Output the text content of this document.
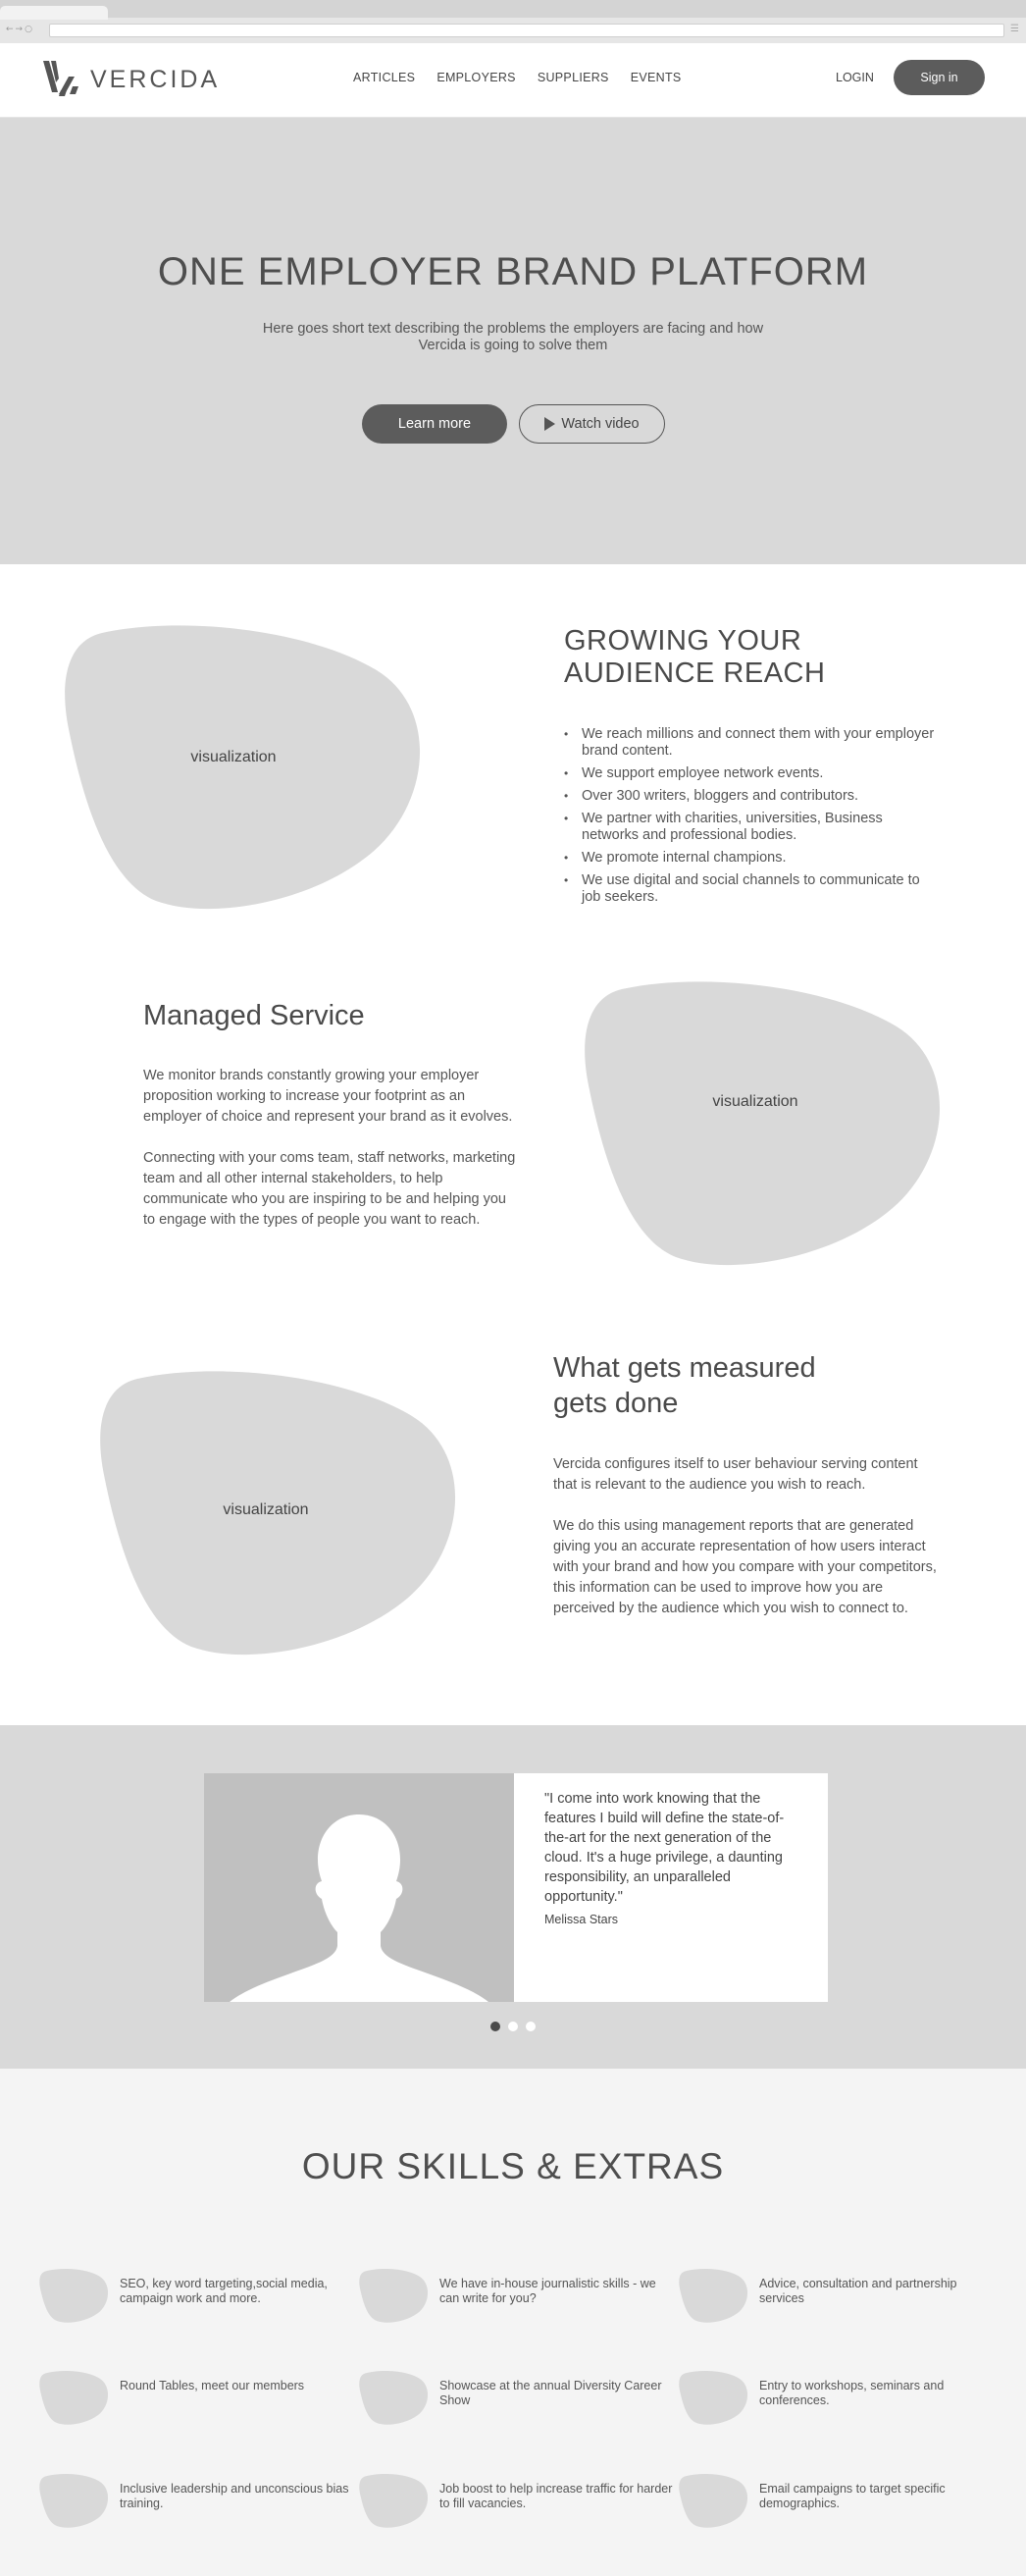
←→○	☰
VERCIDA	ARTICLES EMPLOYERS SUPPLIERS EVENTS	LOGIN	Sign in
ONE EMPLOYER BRAND PLATFORM

Here goes short text describing the problems the employers are facing and how Vercida is going to solve them

Learn more	Watch video
visualization
GROWING YOUR AUDIENCE REACH
• We reach millions and connect them with your employer brand content.
• We support employee network events.
• Over 300 writers, bloggers and contributors.
• We partner with charities, universities, Business networks and professional bodies.
• We promote internal champions.
• We use digital and social channels to communicate to job seekers.
Managed Service

We monitor brands constantly growing your employer proposition working to increase your footprint as an employer of choice and represent your brand as it evolves.

Connecting with your coms team, staff networks, marketing team and all other internal stakeholders, to help communicate who you are inspiring to be and helping you to engage with the types of people you want to reach.

visualization
visualization
What gets measured gets done

Vercida configures itself to user behaviour serving content that is relevant to the audience you wish to reach.

We do this using management reports that are generated giving you an accurate representation of how users interact with your brand and how you compare with your competitors, this information can be used to improve how you are perceived by the audience which you wish to connect to.

"I come into work knowing that the features I build will define the state-of-the-art for the next generation of the cloud. It's a huge privilege, a daunting responsibility, an unparalleled opportunity."

Melissa Stars
OUR SKILLS & EXTRAS

SEO, key word targeting,social media, campaign work and more.

We have in-house journalistic skills - we can write for you?

Advice, consultation and partnership services

Round Tables, meet our members	Showcase at the annual Diversity Career Show

Entry to workshops, seminars and conferences.

Inclusive leadership and unconscious bias training.

Job boost to help increase traffic for harder to fill vacancies.

Email campaigns to target specific demographics.
